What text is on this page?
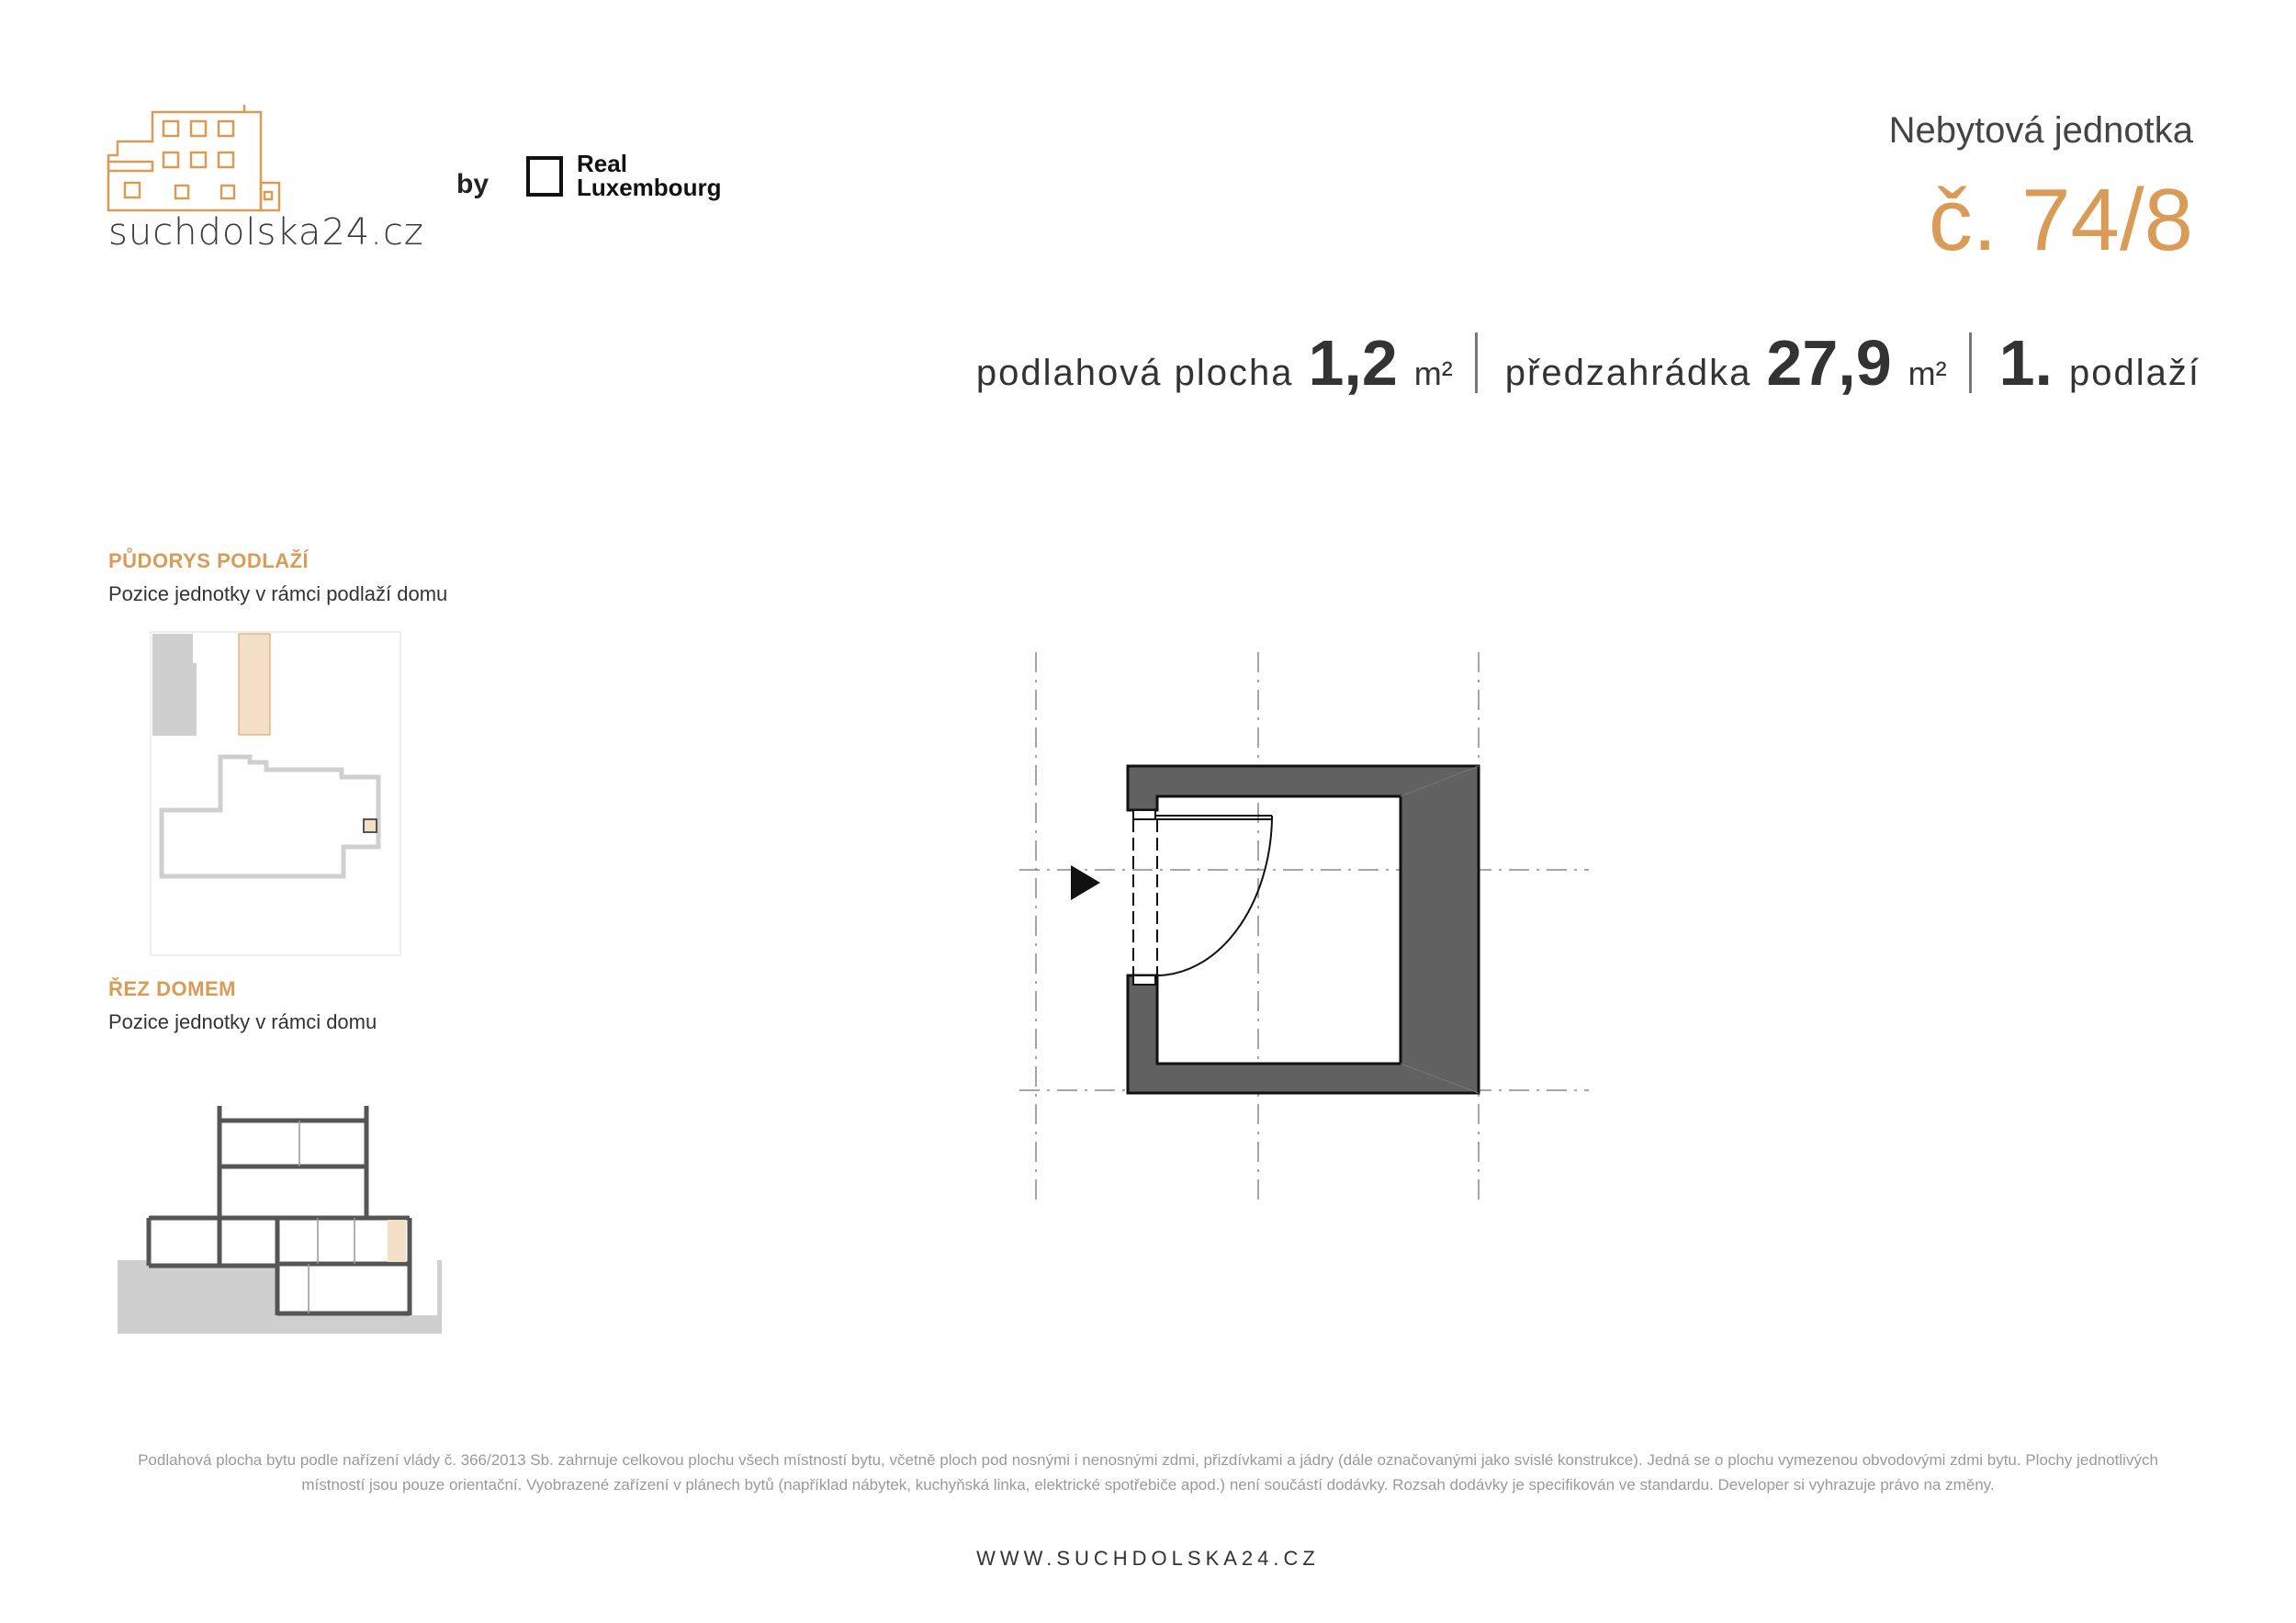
suchdolska24.cz
by
Real
Luxembourg
Nebytová jednotka
č. 74/8
podlahová plocha 1,2 m² předzahrádka 27,9 m² 1. podlaží
PŮDORYS PODLAŽÍ
Pozice jednotky v rámci podlaží domu
ŘEZ DOMEM
Pozice jednotky v rámci domu
Podlahová plocha bytu podle nařízení vlády č. 366/2013 Sb. zahrnuje celkovou plochu všech místností bytu, včetně ploch pod nosnými i nenosnými zdmi, přizdívkami a jádry (dále označovanými jako svislé konstrukce). Jedná se o plochu vymezenou obvodovými zdmi bytu. Plochy jednotlivých místností jsou pouze orientační. Vyobrazené zařízení v plánech bytů (například nábytek, kuchyňská linka, elektrické spotřebiče apod.) není součástí dodávky. Rozsah dodávky je specifikován ve standardu. Developer si vyhrazuje právo na změny.
WWW.SUCHDOLSKA24.CZ
